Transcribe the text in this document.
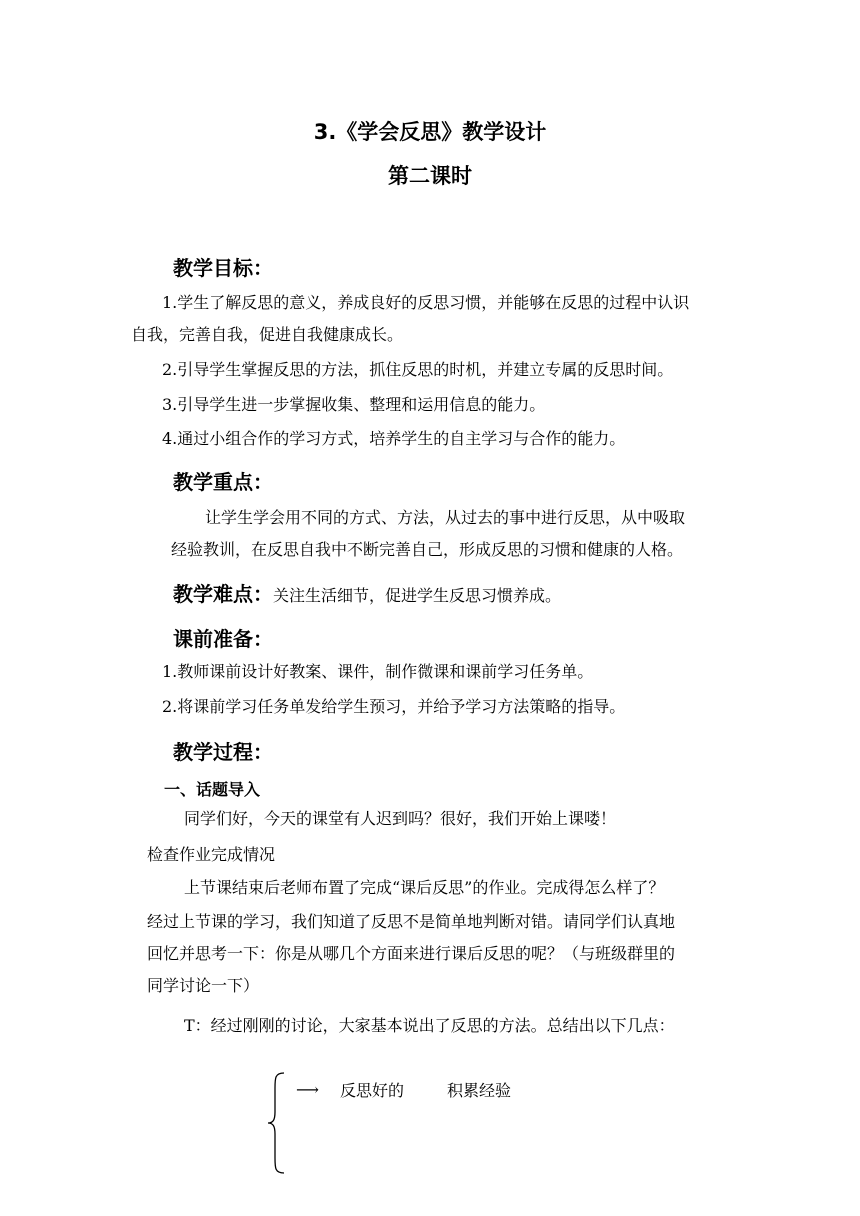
3.《学会反思》教学设计
第二课时
教学目标：
1.学生了解反思的意义，养成良好的反思习惯，并能够在反思的过程中认识
自我，完善自我，促进自我健康成长。
2.引导学生掌握反思的方法，抓住反思的时机，并建立专属的反思时间。
3.引导学生进一步掌握收集、整理和运用信息的能力。
4.通过小组合作的学习方式，培养学生的自主学习与合作的能力。
教学重点：
让学生学会用不同的方式、方法，从过去的事中进行反思，从中吸取
经验教训，在反思自我中不断完善自己，形成反思的习惯和健康的人格。
教学难点：关注生活细节，促进学生反思习惯养成。
课前准备：
1.教师课前设计好教案、课件，制作微课和课前学习任务单。
2.将课前学习任务单发给学生预习，并给予学习方法策略的指导。
教学过程：
一、话题导入
同学们好，今天的课堂有人迟到吗？很好，我们开始上课喽！
检查作业完成情况
上节课结束后老师布置了完成“课后反思”的作业。完成得怎么样了？
经过上节课的学习，我们知道了反思不是简单地判断对错。请同学们认真地
回忆并思考一下：你是从哪几个方面来进行课后反思的呢？（与班级群里的
同学讨论一下）
T：经过刚刚的讨论，大家基本说出了反思的方法。总结出以下几点：
⟶ 反思好的	积累经验
